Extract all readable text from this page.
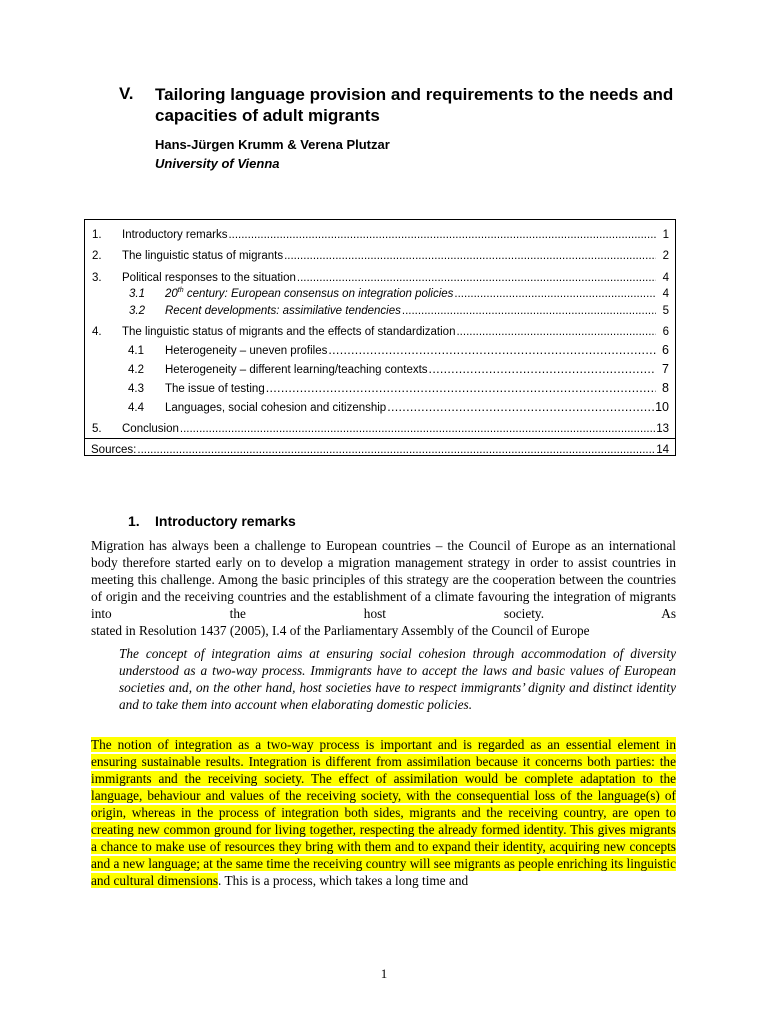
V. Tailoring language provision and requirements to the needs and capacities of adult migrants
Hans-Jürgen Krumm & Verena Plutzar
University of Vienna
1. Introductory remarks .....	1
2. The linguistic status of migrants .....	2
3. Political responses to the situation .....	4
3.1 20th century: European consensus on integration policies .....	4
3.2 Recent developments: assimilative tendencies .....	5
4. The linguistic status of migrants and the effects of standardization .....	6
4.1 Heterogeneity – uneven profiles .....	6
4.2 Heterogeneity – different learning/teaching contexts .....	7
4.3 The issue of testing .....	8
4.4 Languages, social cohesion and citizenship .....	10
5. Conclusion .....	13
Sources: .....	14
1. Introductory remarks

Migration has always been a challenge to European countries – the Council of Europe as an international body therefore started early on to develop a migration management strategy in order to assist countries in meeting this challenge. Among the basic principles of this strategy are the cooperation between the countries of origin and the receiving countries and the establishment of a climate favouring the integration of migrants into the host society. As
stated in Resolution 1437 (2005), I.4 of the Parliamentary Assembly of the Council of Europe

The concept of integration aims at ensuring social cohesion through accommodation of diversity understood as a two-way process. Immigrants have to accept the laws and basic values of European societies and, on the other hand, host societies have to respect immigrants’ dignity and distinct identity and to take them into account when elaborating domestic policies.

The notion of integration as a two-way process is important and is regarded as an essential element in ensuring sustainable results. Integration is different from assimilation because it concerns both parties: the immigrants and the receiving society. The effect of assimilation would be complete adaptation to the language, behaviour and values of the receiving society, with the consequential loss of the language(s) of origin, whereas in the process of integration both sides, migrants and the receiving country, are open to creating new common ground for living together, respecting the already formed identity. This gives migrants a chance to make use of resources they bring with them and to expand their identity, acquiring new concepts and a new language; at the same time the receiving country will see migrants as people enriching its linguistic and cultural dimensions. This is a process, which takes a long time and

1
